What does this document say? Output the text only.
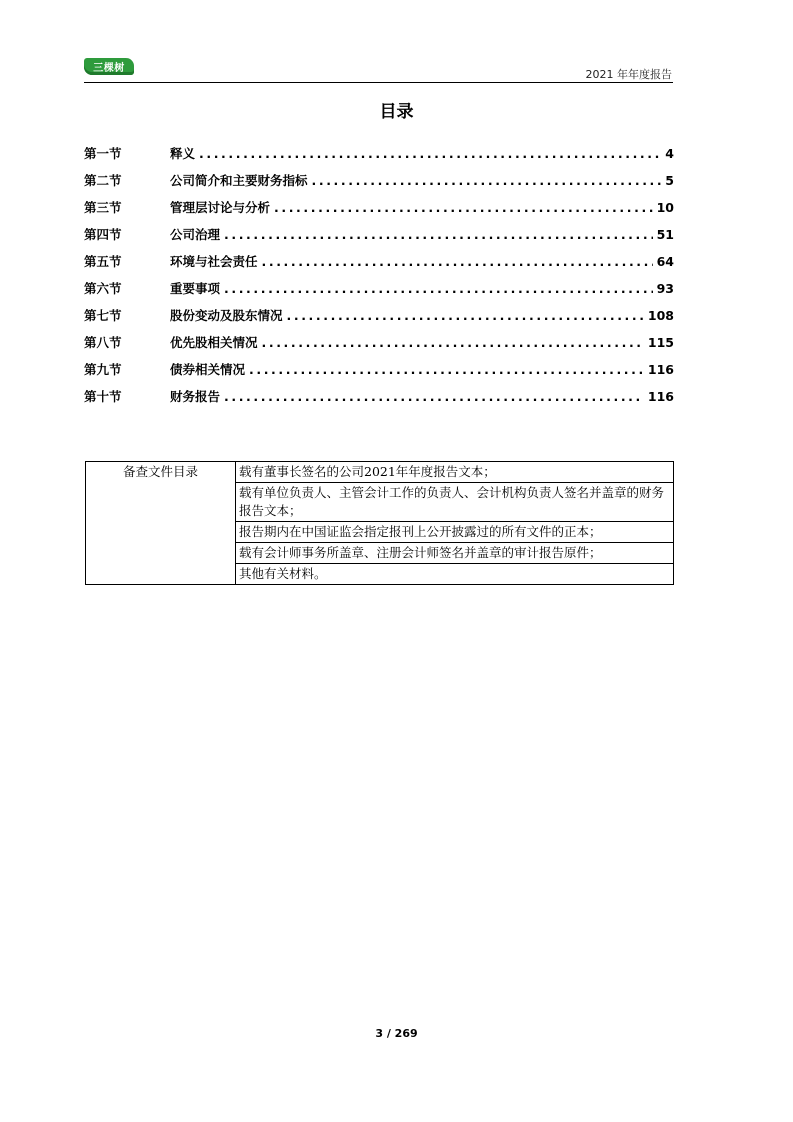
三棵树	2021 年年度报告
目录
第一节	释义 .....	4
第二节	公司简介和主要财务指标 .....	5
第三节	管理层讨论与分析 .....	10
第四节	公司治理 .....	51
第五节	环境与社会责任 .....	64
第六节	重要事项 .....	93
第七节	股份变动及股东情况 .....	108
第八节	优先股相关情况 .....	115
第九节	债券相关情况 .....	116
第十节	财务报告 .....	116
备查文件目录	载有董事长签名的公司2021年年度报告文本；
载有单位负责人、主管会计工作的负责人、会计机构负责人签名并盖章的财务报告文本；
报告期内在中国证监会指定报刊上公开披露过的所有文件的正本；
载有会计师事务所盖章、注册会计师签名并盖章的审计报告原件；
其他有关材料。
3 / 269
